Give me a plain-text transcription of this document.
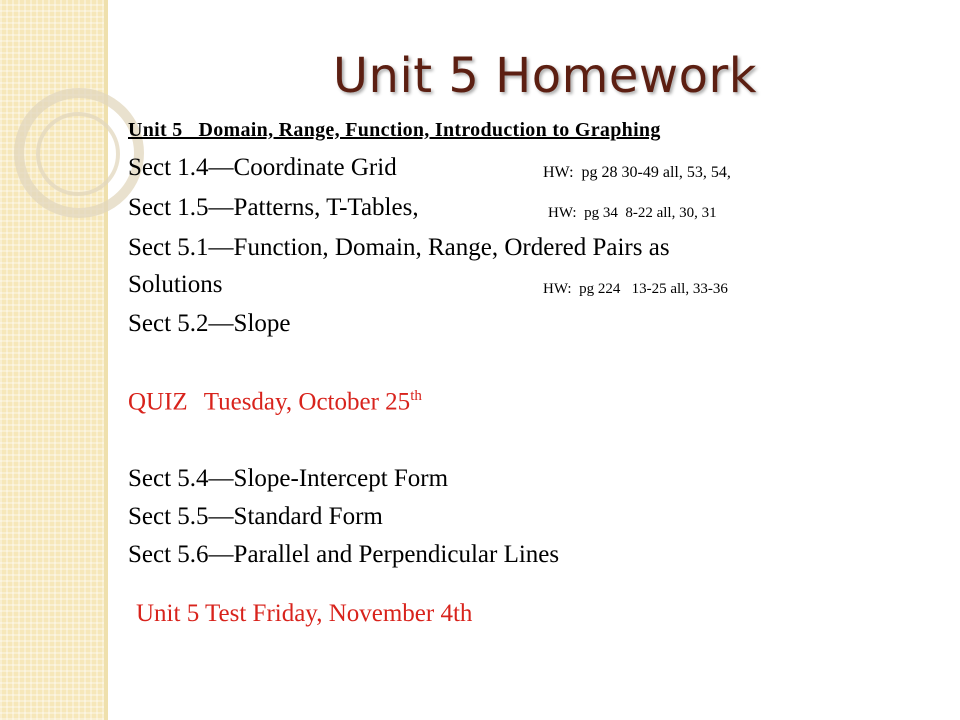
Unit 5 Homework
Unit 5   Domain, Range, Function, Introduction to Graphing
Sect 1.4—Coordinate Grid	HW:  pg 28 30-49 all, 53, 54,
Sect 1.5—Patterns, T-Tables,	HW:  pg 34  8-22 all, 30, 31
Sect 5.1—Function, Domain, Range, Ordered Pairs as
Solutions	HW:  pg 224   13-25 all, 33-36
Sect 5.2—Slope
QUIZ Tuesday, October 25th
Sect 5.4—Slope-Intercept Form
Sect 5.5—Standard Form
Sect 5.6—Parallel and Perpendicular Lines
Unit 5 Test Friday, November 4th
